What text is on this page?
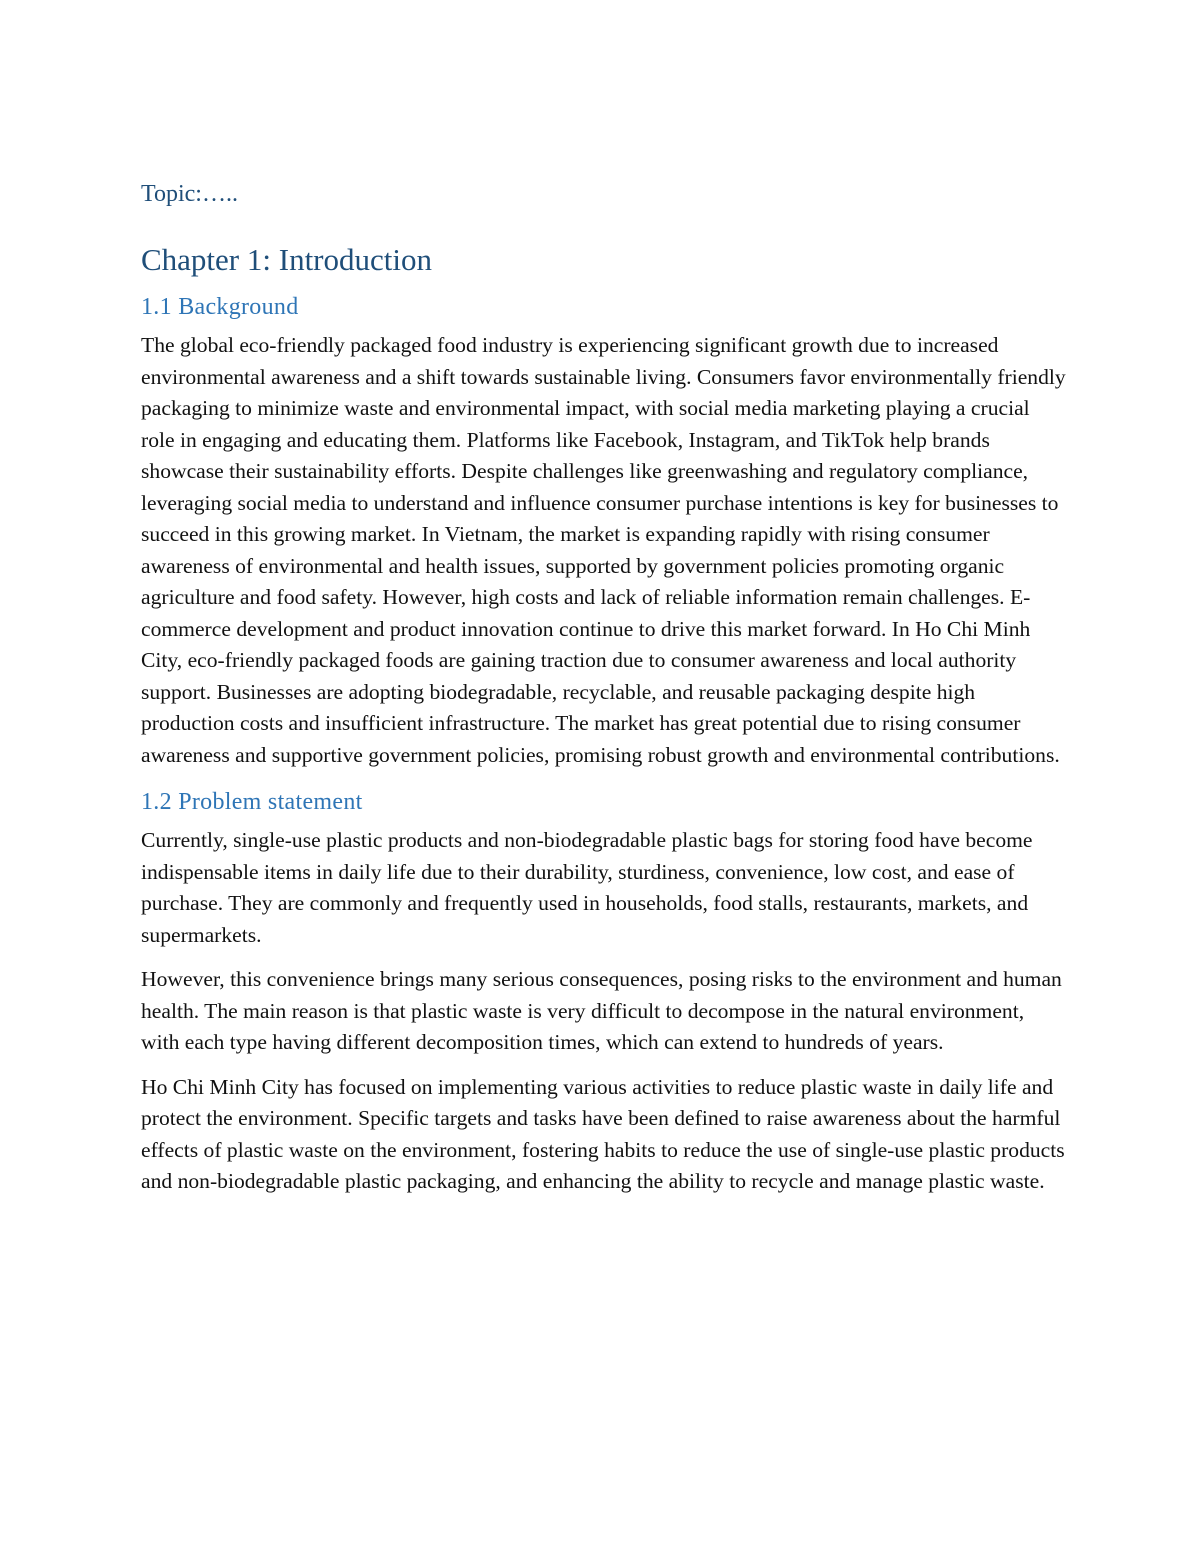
Topic:…..
Chapter 1: Introduction
1.1 Background

The global eco-friendly packaged food industry is experiencing significant growth due to increased environmental awareness and a shift towards sustainable living. Consumers favor environmentally friendly packaging to minimize waste and environmental impact, with social media marketing playing a crucial role in engaging and educating them. Platforms like Facebook, Instagram, and TikTok help brands showcase their sustainability efforts. Despite challenges like greenwashing and regulatory compliance, leveraging social media to understand and influence consumer purchase intentions is key for businesses to succeed in this growing market. In Vietnam, the market is expanding rapidly with rising consumer awareness of environmental and health issues, supported by government policies promoting organic agriculture and food safety. However, high costs and lack of reliable information remain challenges. E-commerce development and product innovation continue to drive this market forward. In Ho Chi Minh City, eco-friendly packaged foods are gaining traction due to consumer awareness and local authority support. Businesses are adopting biodegradable, recyclable, and reusable packaging despite high production costs and insufficient infrastructure. The market has great potential due to rising consumer awareness and supportive government policies, promising robust growth and environmental contributions.

1.2 Problem statement

Currently, single-use plastic products and non-biodegradable plastic bags for storing food have become indispensable items in daily life due to their durability, sturdiness, convenience, low cost, and ease of purchase. They are commonly and frequently used in households, food stalls, restaurants, markets, and supermarkets.

However, this convenience brings many serious consequences, posing risks to the environment and human health. The main reason is that plastic waste is very difficult to decompose in the natural environment, with each type having different decomposition times, which can extend to hundreds of years.

Ho Chi Minh City has focused on implementing various activities to reduce plastic waste in daily life and protect the environment. Specific targets and tasks have been defined to raise awareness about the harmful effects of plastic waste on the environment, fostering habits to reduce the use of single-use plastic products and non-biodegradable plastic packaging, and enhancing the ability to recycle and manage plastic waste.
